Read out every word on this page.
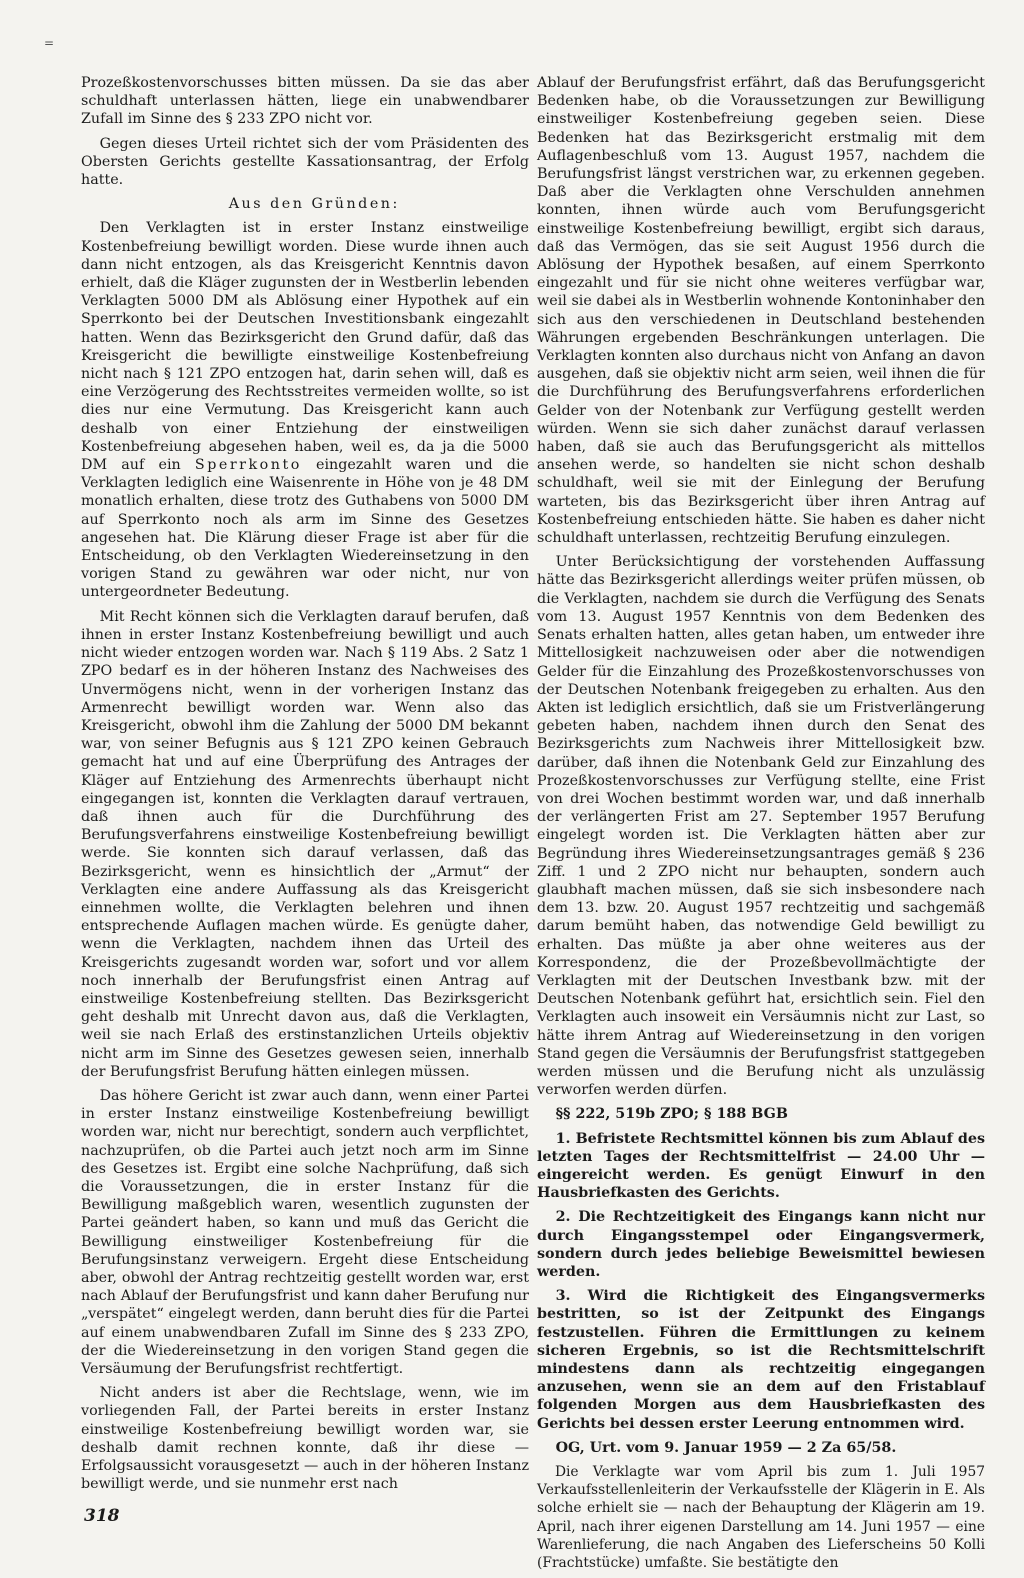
=

Prozeßkostenvorschusses bitten müssen. Da sie das aber schuldhaft unterlassen hätten, liege ein unabwendbarer Zufall im Sinne des § 233 ZPO nicht vor.

Gegen dieses Urteil richtet sich der vom Präsidenten des Obersten Gerichts gestellte Kassationsantrag, der Erfolg hatte.

Aus den Gründen:

Den Verklagten ist in erster Instanz einstweilige Kostenbefreiung bewilligt worden. Diese wurde ihnen auch dann nicht entzogen, als das Kreisgericht Kenntnis davon erhielt, daß die Kläger zugunsten der in Westberlin lebenden Verklagten 5000 DM als Ablösung einer Hypothek auf ein Sperrkonto bei der Deutschen Investitionsbank eingezahlt hatten. Wenn das Bezirksgericht den Grund dafür, daß das Kreisgericht die bewilligte einstweilige Kostenbefreiung nicht nach § 121 ZPO entzogen hat, darin sehen will, daß es eine Verzögerung des Rechtsstreites vermeiden wollte, so ist dies nur eine Vermutung. Das Kreisgericht kann auch deshalb von einer Entziehung der einstweiligen Kostenbefreiung abgesehen haben, weil es, da ja die 5000 DM auf ein Sperrkonto eingezahlt waren und die Verklagten lediglich eine Waisenrente in Höhe von je 48 DM monatlich erhalten, diese trotz des Guthabens von 5000 DM auf Sperrkonto noch als arm im Sinne des Gesetzes angesehen hat. Die Klärung dieser Frage ist aber für die Entscheidung, ob den Verklagten Wiedereinsetzung in den vorigen Stand zu gewähren war oder nicht, nur von untergeordneter Bedeutung.

Mit Recht können sich die Verklagten darauf berufen, daß ihnen in erster Instanz Kostenbefreiung bewilligt und auch nicht wieder entzogen worden war. Nach § 119 Abs. 2 Satz 1 ZPO bedarf es in der höheren Instanz des Nachweises des Unvermögens nicht, wenn in der vorherigen Instanz das Armenrecht bewilligt worden war. Wenn also das Kreisgericht, obwohl ihm die Zahlung der 5000 DM bekannt war, von seiner Befugnis aus § 121 ZPO keinen Gebrauch gemacht hat und auf eine Überprüfung des Antrages der Kläger auf Entziehung des Armenrechts überhaupt nicht eingegangen ist, konnten die Verklagten darauf vertrauen, daß ihnen auch für die Durchführung des Berufungsverfahrens einstweilige Kostenbefreiung bewilligt werde. Sie konnten sich darauf verlassen, daß das Bezirksgericht, wenn es hinsichtlich der „Armut“ der Verklagten eine andere Auffassung als das Kreisgericht einnehmen wollte, die Verklagten belehren und ihnen entsprechende Auflagen machen würde. Es genügte daher, wenn die Verklagten, nachdem ihnen das Urteil des Kreisgerichts zugesandt worden war, sofort und vor allem noch innerhalb der Berufungsfrist einen Antrag auf einstweilige Kostenbefreiung stellten. Das Bezirksgericht geht deshalb mit Unrecht davon aus, daß die Verklagten, weil sie nach Erlaß des erstinstanzlichen Urteils objektiv nicht arm im Sinne des Gesetzes gewesen seien, innerhalb der Berufungsfrist Berufung hätten einlegen müssen.

Das höhere Gericht ist zwar auch dann, wenn einer Partei in erster Instanz einstweilige Kostenbefreiung bewilligt worden war, nicht nur berechtigt, sondern auch verpflichtet, nachzuprüfen, ob die Partei auch jetzt noch arm im Sinne des Gesetzes ist. Ergibt eine solche Nachprüfung, daß sich die Voraussetzungen, die in erster Instanz für die Bewilligung maßgeblich waren, wesentlich zugunsten der Partei geändert haben, so kann und muß das Gericht die Bewilligung einstweiliger Kostenbefreiung für die Berufungsinstanz verweigern. Ergeht diese Entscheidung aber, obwohl der Antrag rechtzeitig gestellt worden war, erst nach Ablauf der Berufungsfrist und kann daher Berufung nur „verspätet“ eingelegt werden, dann beruht dies für die Partei auf einem unabwendbaren Zufall im Sinne des § 233 ZPO, der die Wiedereinsetzung in den vorigen Stand gegen die Versäumung der Berufungsfrist rechtfertigt.

Nicht anders ist aber die Rechtslage, wenn, wie im vorliegenden Fall, der Partei bereits in erster Instanz einstweilige Kostenbefreiung bewilligt worden war, sie deshalb damit rechnen konnte, daß ihr diese — Erfolgsaussicht vorausgesetzt — auch in der höheren Instanz bewilligt werde, und sie nunmehr erst nach

Ablauf der Berufungsfrist erfährt, daß das Berufungsgericht Bedenken habe, ob die Voraussetzungen zur Bewilligung einstweiliger Kostenbefreiung gegeben seien. Diese Bedenken hat das Bezirksgericht erstmalig mit dem Auflagenbeschluß vom 13. August 1957, nachdem die Berufungsfrist längst verstrichen war, zu erkennen gegeben. Daß aber die Verklagten ohne Verschulden annehmen konnten, ihnen würde auch vom Berufungsgericht einstweilige Kostenbefreiung bewilligt, ergibt sich daraus, daß das Vermögen, das sie seit August 1956 durch die Ablösung der Hypothek besaßen, auf einem Sperrkonto eingezahlt und für sie nicht ohne weiteres verfügbar war, weil sie dabei als in Westberlin wohnende Kontoninhaber den sich aus den verschiedenen in Deutschland bestehenden Währungen ergebenden Beschränkungen unterlagen. Die Verklagten konnten also durchaus nicht von Anfang an davon ausgehen, daß sie objektiv nicht arm seien, weil ihnen die für die Durchführung des Berufungsverfahrens erforderlichen Gelder von der Notenbank zur Verfügung gestellt werden würden. Wenn sie sich daher zunächst darauf verlassen haben, daß sie auch das Berufungsgericht als mittellos ansehen werde, so handelten sie nicht schon deshalb schuldhaft, weil sie mit der Einlegung der Berufung warteten, bis das Bezirksgericht über ihren Antrag auf Kostenbefreiung entschieden hätte. Sie haben es daher nicht schuldhaft unterlassen, rechtzeitig Berufung einzulegen.

Unter Berücksichtigung der vorstehenden Auffassung hätte das Bezirksgericht allerdings weiter prüfen müssen, ob die Verklagten, nachdem sie durch die Verfügung des Senats vom 13. August 1957 Kenntnis von dem Bedenken des Senats erhalten hatten, alles getan haben, um entweder ihre Mittellosigkeit nachzuweisen oder aber die notwendigen Gelder für die Einzahlung des Prozeßkostenvorschusses von der Deutschen Notenbank freigegeben zu erhalten. Aus den Akten ist lediglich ersichtlich, daß sie um Fristverlängerung gebeten haben, nachdem ihnen durch den Senat des Bezirksgerichts zum Nachweis ihrer Mittellosigkeit bzw. darüber, daß ihnen die Notenbank Geld zur Einzahlung des Prozeßkostenvorschusses zur Verfügung stellte, eine Frist von drei Wochen bestimmt worden war, und daß innerhalb der verlängerten Frist am 27. September 1957 Berufung eingelegt worden ist. Die Verklagten hätten aber zur Begründung ihres Wiedereinsetzungsantrages gemäß § 236 Ziff. 1 und 2 ZPO nicht nur behaupten, sondern auch glaubhaft machen müssen, daß sie sich insbesondere nach dem 13. bzw. 20. August 1957 rechtzeitig und sachgemäß darum bemüht haben, das notwendige Geld bewilligt zu erhalten. Das müßte ja aber ohne weiteres aus der Korrespondenz, die der Prozeßbevollmächtigte der Verklagten mit der Deutschen Investbank bzw. mit der Deutschen Notenbank geführt hat, ersichtlich sein. Fiel den Verklagten auch insoweit ein Versäumnis nicht zur Last, so hätte ihrem Antrag auf Wiedereinsetzung in den vorigen Stand gegen die Versäumnis der Berufungsfrist stattgegeben werden müssen und die Berufung nicht als unzulässig verworfen werden dürfen.

§§ 222, 519b ZPO; § 188 BGB

1. Befristete Rechtsmittel können bis zum Ablauf des letzten Tages der Rechtsmittelfrist — 24.00 Uhr — eingereicht werden. Es genügt Einwurf in den Hausbriefkasten des Gerichts.

2. Die Rechtzeitigkeit des Eingangs kann nicht nur durch Eingangsstempel oder Eingangsvermerk, sondern durch jedes beliebige Beweismittel bewiesen werden.

3. Wird die Richtigkeit des Eingangsvermerks bestritten, so ist der Zeitpunkt des Eingangs festzustellen. Führen die Ermittlungen zu keinem sicheren Ergebnis, so ist die Rechtsmittelschrift mindestens dann als rechtzeitig eingegangen anzusehen, wenn sie an dem auf den Fristablauf folgenden Morgen aus dem Hausbriefkasten des Gerichts bei dessen erster Leerung entnommen wird.

OG, Urt. vom 9. Januar 1959 — 2 Za 65/58.

Die Verklagte war vom April bis zum 1. Juli 1957 Verkaufsstellenleiterin der Verkaufsstelle der Klägerin in E. Als solche erhielt sie — nach der Behauptung der Klägerin am 19. April, nach ihrer eigenen Darstellung am 14. Juni 1957 — eine Warenlieferung, die nach Angaben des Lieferscheins 50 Kolli (Frachtstücke) umfaßte. Sie bestätigte den

318
